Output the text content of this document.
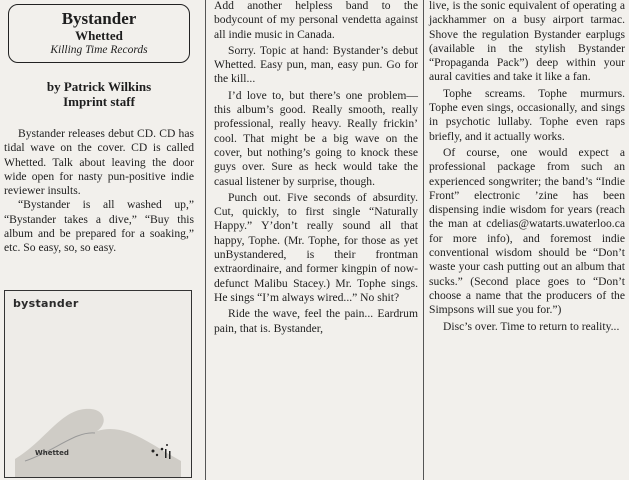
Bystander
Whetted
Killing Time Records
by Patrick Wilkins
Imprint staff

Bystander releases debut CD. CD has tidal wave on the cover. CD is called Whetted. Talk about leaving the door wide open for nasty pun-positive indie reviewer insults.

“Bystander is all washed up,” “Bystander takes a dive,” “Buy this album and be prepared for a soaking,” etc. So easy, so, so easy.

bystander
Whetted

Add another helpless band to the bodycount of my personal vendetta against all indie music in Canada.

Sorry. Topic at hand: Bystander’s debut Whetted. Easy pun, man, easy pun. Go for the kill...

I’d love to, but there’s one problem—this album’s good. Really smooth, really professional, really heavy. Really frickin’ cool. That might be a big wave on the cover, but nothing’s going to knock these guys over. Sure as heck would take the casual listener by surprise, though.

Punch out. Five seconds of absurdity. Cut, quickly, to first single “Naturally Happy.” Y’don’t really sound all that happy, Tophe. (Mr. Tophe, for those as yet unBystandered, is their frontman extraordinaire, and former kingpin of now-defunct Malibu Stacey.) Mr. Tophe sings. He sings “I’m always wired...” No shit?

Ride the wave, feel the pain... Eardrum pain, that is. Bystander,

live, is the sonic equivalent of operating a jackhammer on a busy airport tarmac. Shove the regulation Bystander earplugs (available in the stylish Bystander “Propaganda Pack”) deep within your aural cavities and take it like a fan.

Tophe screams. Tophe murmurs. Tophe even sings, occasionally, and sings in psychotic lullaby. Tophe even raps briefly, and it actually works.

Of course, one would expect a professional package from such an experienced songwriter; the band’s “Indie Front” electronic ’zine has been dispensing indie wisdom for years (reach the man at cdelias@watarts.uwaterloo.ca for more info), and foremost indie conventional wisdom should be “Don’t waste your cash putting out an album that sucks.” (Second place goes to “Don’t choose a name that the producers of the Simpsons will sue you for.”)

Disc’s over. Time to return to reality...
